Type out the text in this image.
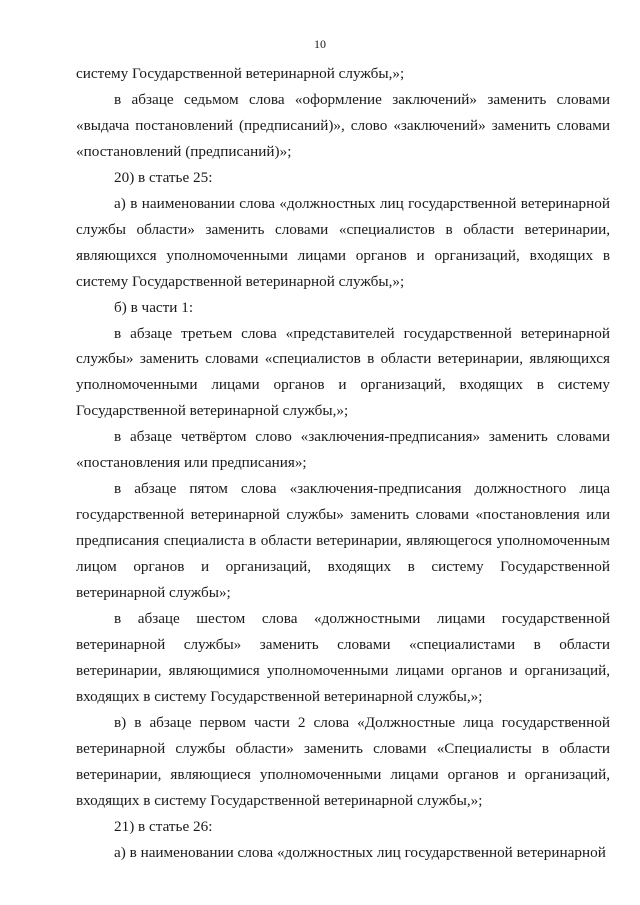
10

систему Государственной ветеринарной службы,»;

в абзаце седьмом слова «оформление заключений» заменить словами «выдача постановлений (предписаний)», слово «заключений» заменить словами «постановлений (предписаний)»;

20) в статье 25:

а) в наименовании слова «должностных лиц государственной ветеринарной службы области» заменить словами «специалистов в области ветеринарии, являющихся уполномоченными лицами органов и организаций, входящих в систему Государственной ветеринарной службы,»;

б) в части 1:

в абзаце третьем слова «представителей государственной ветеринарной службы» заменить словами «специалистов в области ветеринарии, являющихся уполномоченными лицами органов и организаций, входящих в систему Государственной ветеринарной службы,»;

в абзаце четвёртом слово «заключения-предписания» заменить словами «постановления или предписания»;

в абзаце пятом слова «заключения-предписания должностного лица государственной ветеринарной службы» заменить словами «постановления или предписания специалиста в области ветеринарии, являющегося уполномоченным лицом органов и организаций, входящих в систему Государственной ветеринарной службы»;

в абзаце шестом слова «должностными лицами государственной ветеринарной службы» заменить словами «специалистами в области ветеринарии, являющимися уполномоченными лицами органов и организаций, входящих в систему Государственной ветеринарной службы,»;

в) в абзаце первом части 2 слова «Должностные лица государственной ветеринарной службы области» заменить словами «Специалисты в области ветеринарии, являющиеся уполномоченными лицами органов и организаций, входящих в систему Государственной ветеринарной службы,»;

21) в статье 26:

а) в наименовании слова «должностных лиц государственной ветеринарной
